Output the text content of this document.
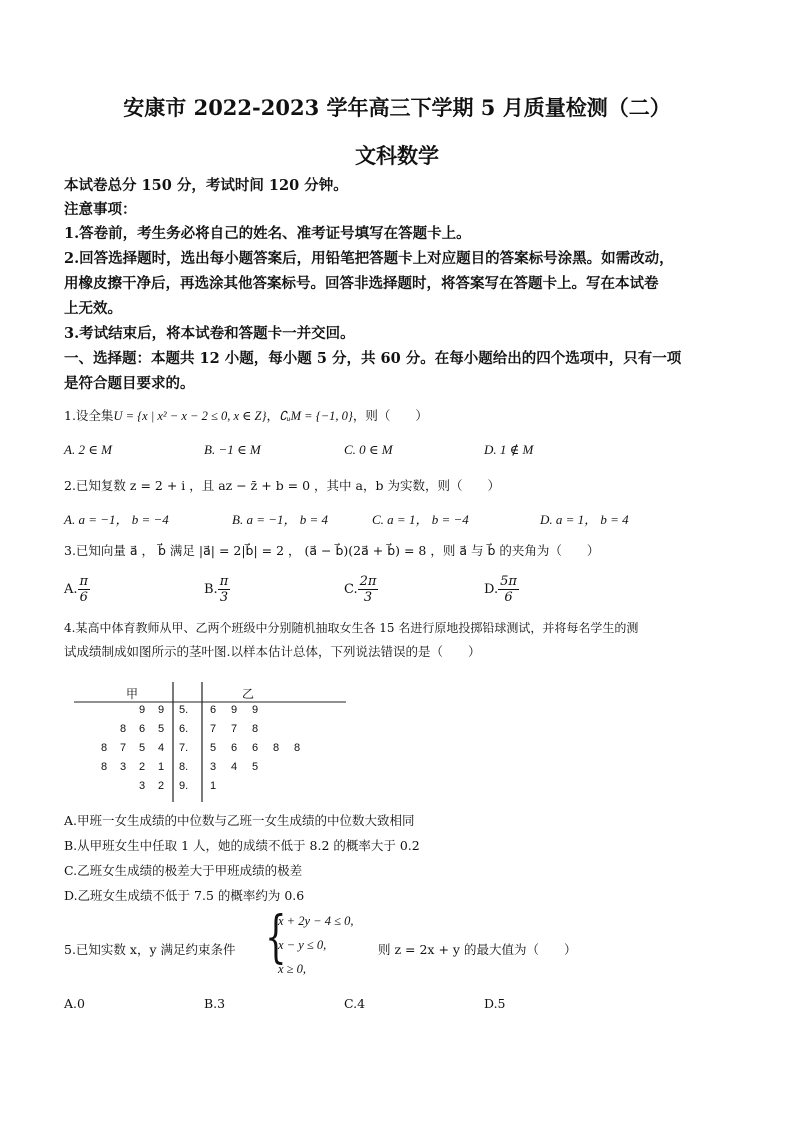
安康市 2022-2023 学年高三下学期 5 月质量检测（二）
文科数学
本试卷总分 150 分，考试时间 120 分钟。
注意事项：
1.答卷前，考生务必将自己的姓名、准考证号填写在答题卡上。
2.回答选择题时，选出每小题答案后，用铅笔把答题卡上对应题目的答案标号涂黑。如需改动，
用橡皮擦干净后，再选涂其他答案标号。回答非选择题时，将答案写在答题卡上。写在本试卷
上无效。
3.考试结束后，将本试卷和答题卡一并交回。
一、选择题：本题共 12 小题，每小题 5 分，共 60 分。在每小题给出的四个选项中，只有一项
是符合题目要求的。
1.设全集U = {x | x² − x − 2 ≤ 0, x ∈ Z}，∁ᵤM = {−1, 0}，则（　　）
A. 2 ∈ M	B. −1 ∈ M	C. 0 ∈ M	D. 1 ∉ M
2.已知复数 z = 2 + i ，且 az − z̄ + b = 0 ，其中 a，b 为实数，则（　　）
A. a = −1， b = −4	B. a = −1， b = 4	C. a = 1， b = −4	D. a = 1， b = 4
3.已知向量 a⃗ ， b⃗ 满足 |a⃗| = 2|b⃗| = 2 ， (a⃗ − b⃗)(2a⃗ + b⃗) = 8 ，则 a⃗ 与 b⃗ 的夹角为（　　）
A. $\frac{\pi}{6}$	B. $\frac{\pi}{3}$	C. $\frac{2\pi}{3}$	D. $\frac{5\pi}{6}$
4.某高中体育教师从甲、乙两个班级中分别随机抽取女生各 15 名进行原地投掷铅球测试，并将每名学生的测
试成绩制成如图所示的茎叶图.以样本估计总体，下列说法错误的是（　　）
甲	乙
9 9 5. 6 9 9
8 6 5 6. 7 7 8
8 7 5 4 7. 5 6 6 8 8
8 3 2 1 8. 3 4 5
3 2 9. 1
A.甲班一女生成绩的中位数与乙班一女生成绩的中位数大致相同
B.从甲班女生中任取 1 人，她的成绩不低于 8.2 的概率大于 0.2
C.乙班女生成绩的极差大于甲班成绩的极差
D.乙班女生成绩不低于 7.5 的概率约为 0.6
5.已知实数 x，y 满足约束条件 {
x + 2y − 4 ≤ 0,
x − y ≤ 0,
x ≥ 0,
则 z = 2x + y 的最大值为（　　）
A.0	B.3	C.4	D.5
